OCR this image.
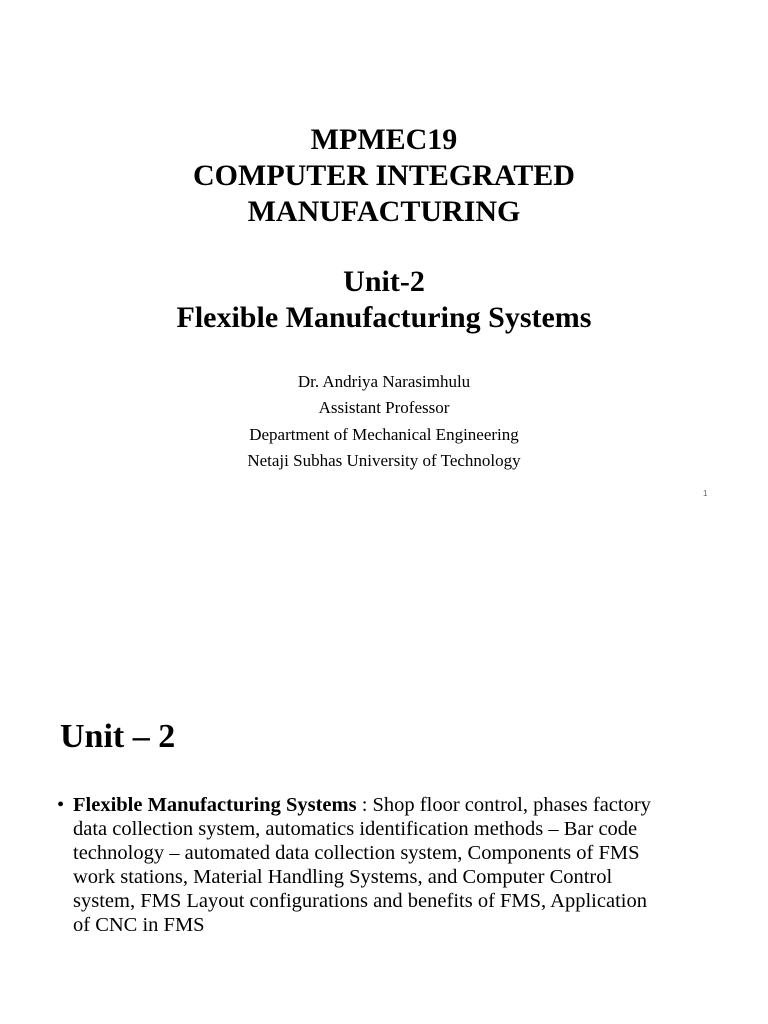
MPMEC19
COMPUTER INTEGRATED
MANUFACTURING
Unit-2
Flexible Manufacturing Systems
Dr. Andriya Narasimhulu
Assistant Professor
Department of Mechanical Engineering
Netaji Subhas University of Technology
1
Unit – 2
• Flexible Manufacturing Systems : Shop floor control, phases factory
data collection system, automatics identification methods – Bar code
technology – automated data collection system, Components of FMS
work stations, Material Handling Systems, and Computer Control
system, FMS Layout configurations and benefits of FMS, Application
of CNC in FMS
